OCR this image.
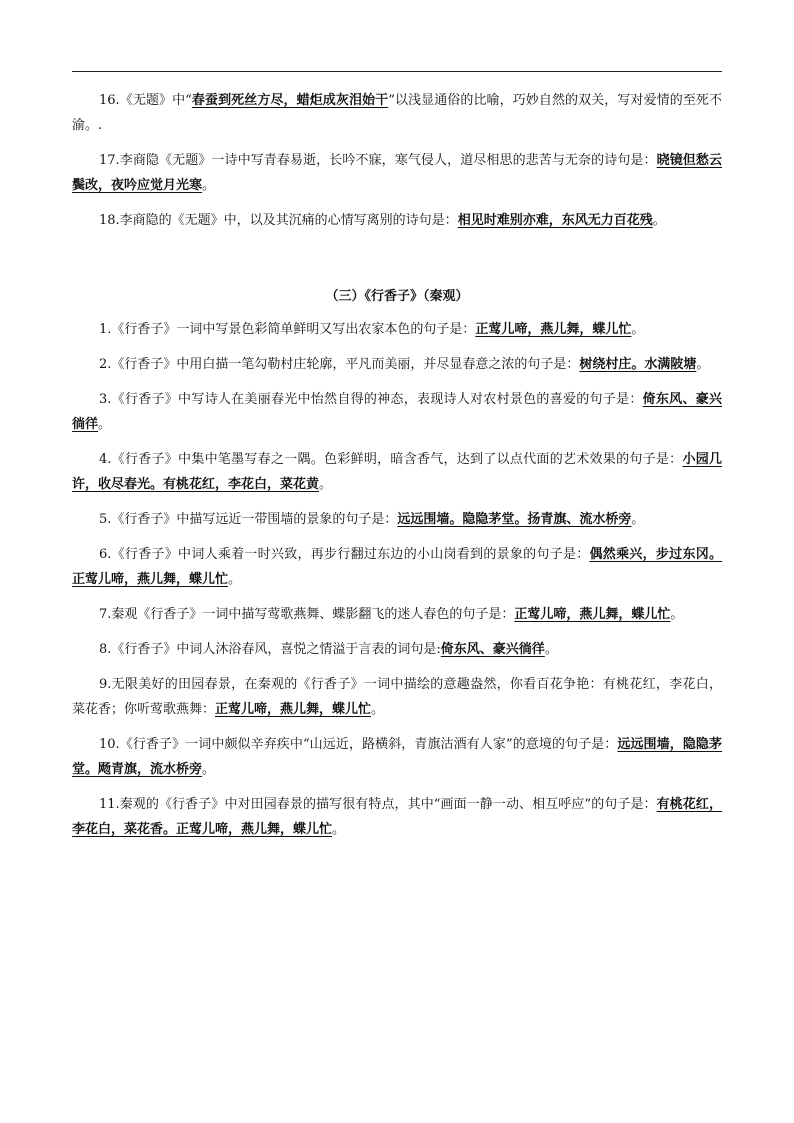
16.《无题》中“春蚕到死丝方尽，蜡炬成灰泪始干”以浅显通俗的比喻，巧妙自然的双关，写对爱情的至死不渝。.

17.李商隐《无题》一诗中写青春易逝，长吟不寐，寒气侵人，道尽相思的悲苦与无奈的诗句是：晓镜但愁云鬓改，夜吟应觉月光寒。

18.李商隐的《无题》中，以及其沉痛的心情写离别的诗句是：相见时难别亦难，东风无力百花残。

（三）《行香子》（秦观）

1.《行香子》一词中写景色彩简单鲜明又写出农家本色的句子是：正莺儿啼，燕儿舞，蝶儿忙。

2.《行香子》中用白描一笔勾勒村庄轮廓，平凡而美丽，并尽显春意之浓的句子是：树绕村庄。水满陂塘。

3.《行香子》中写诗人在美丽春光中怡然自得的神态，表现诗人对农村景色的喜爱的句子是：倚东风、豪兴徜徉。

4.《行香子》中集中笔墨写春之一隅。色彩鲜明，暗含香气，达到了以点代面的艺术效果的句子是：小园几许，收尽春光。有桃花红，李花白，菜花黄。

5.《行香子》中描写远近一带围墙的景象的句子是：远远围墙。隐隐茅堂。扬青旗、流水桥旁。

6.《行香子》中词人乘着一时兴致，再步行翻过东边的小山岗看到的景象的句子是：偶然乘兴，步过东冈。正莺儿啼，燕儿舞，蝶儿忙。

7.秦观《行香子》一词中描写莺歌燕舞、蝶影翻飞的迷人春色的句子是：正莺儿啼，燕儿舞，蝶儿忙。

8.《行香子》中词人沐浴春风，喜悦之情溢于言表的词句是:倚东风、豪兴徜徉。

9.无限美好的田园春景，在秦观的《行香子》一词中描绘的意趣盎然，你看百花争艳：有桃花红，李花白，菜花香；你听莺歌燕舞：正莺儿啼，燕儿舞，蝶儿忙。

10.《行香子》一词中颇似辛弃疾中“山远近，路横斜，青旗沽酒有人家”的意境的句子是：远远围墙，隐隐茅堂。飏青旗，流水桥旁。

11.秦观的《行香子》中对田园春景的描写很有特点，其中“画面一静一动、相互呼应”的句子是：有桃花红，李花白，菜花香。正莺儿啼，燕儿舞，蝶儿忙。
